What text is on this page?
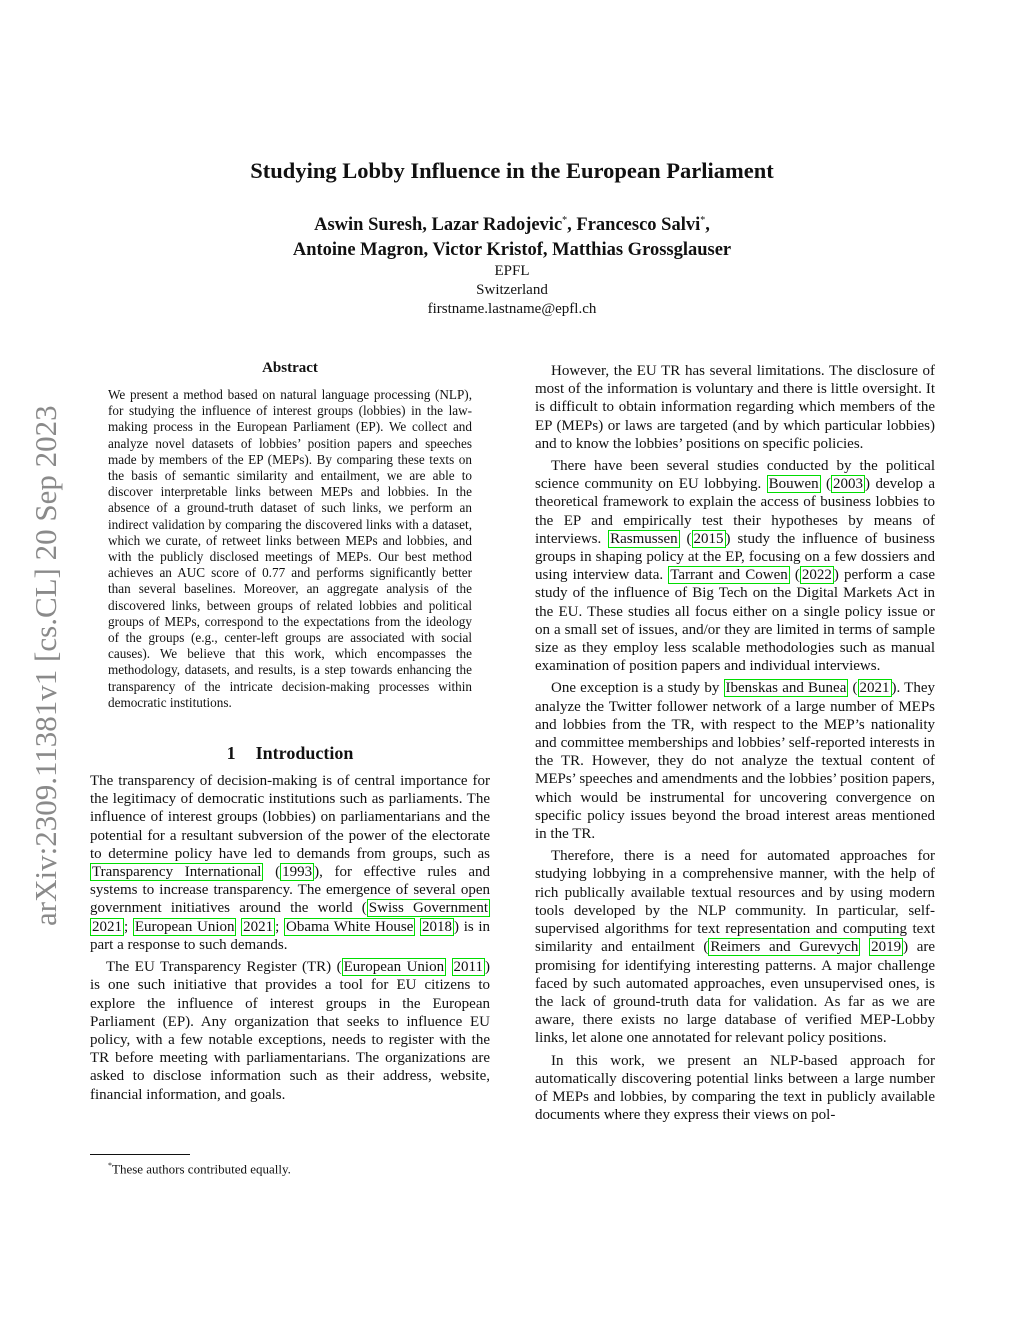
arXiv:2309.11381v1 [cs.CL] 20 Sep 2023
Studying Lobby Influence in the European Parliament
Aswin Suresh, Lazar Radojevic*, Francesco Salvi*,
Antoine Magron, Victor Kristof, Matthias Grossglauser
EPFL
Switzerland
firstname.lastname@epfl.ch
Abstract
We present a method based on natural language processing (NLP), for studying the influence of interest groups (lobbies) in the law-making process in the European Parliament (EP). We collect and analyze novel datasets of lobbies’ position papers and speeches made by members of the EP (MEPs). By comparing these texts on the basis of semantic similarity and entailment, we are able to discover interpretable links between MEPs and lobbies. In the absence of a ground-truth dataset of such links, we perform an indirect validation by comparing the discovered links with a dataset, which we curate, of retweet links between MEPs and lobbies, and with the publicly disclosed meetings of MEPs. Our best method achieves an AUC score of 0.77 and performs significantly better than several baselines. Moreover, an aggregate analysis of the discovered links, between groups of related lobbies and political groups of MEPs, correspond to the expectations from the ideology of the groups (e.g., center-left groups are associated with social causes). We believe that this work, which encompasses the methodology, datasets, and results, is a step towards enhancing the transparency of the intricate decision-making processes within democratic institutions.
1 Introduction

The transparency of decision-making is of central importance for the legitimacy of democratic institutions such as parliaments. The influence of interest groups (lobbies) on parliamentarians and the potential for a resultant subversion of the power of the electorate to determine policy have led to demands from groups, such as Transparency International ( 1993 ), for effective rules and systems to increase transparency. The emergence of several open government initiatives around the world ( Swiss Government 2021 ; European Union 2021 ; Obama White House 2018 ) is in part a response to such demands.

The EU Transparency Register (TR) ( European Union 2011 ) is one such initiative that provides a tool for EU citizens to explore the influence of interest groups in the European Parliament (EP). Any organization that seeks to influence EU policy, with a few notable exceptions, needs to register with the TR before meeting with parliamentarians. The organizations are asked to disclose information such as their address, website, financial information, and goals.

However, the EU TR has several limitations. The disclosure of most of the information is voluntary and there is little oversight. It is difficult to obtain information regarding which members of the EP (MEPs) or laws are targeted (and by which particular lobbies) and to know the lobbies’ positions on specific policies.

There have been several studies conducted by the political science community on EU lobbying. Bouwen ( 2003 ) develop a theoretical framework to explain the access of business lobbies to the EP and empirically test their hypotheses by means of interviews. Rasmussen ( 2015 ) study the influence of business groups in shaping policy at the EP, focusing on a few dossiers and using interview data. Tarrant and Cowen ( 2022 ) perform a case study of the influence of Big Tech on the Digital Markets Act in the EU. These studies all focus either on a single policy issue or on a small set of issues, and/or they are limited in terms of sample size as they employ less scalable methodologies such as manual examination of position papers and individual interviews.

One exception is a study by Ibenskas and Bunea ( 2021 ). They analyze the Twitter follower network of a large number of MEPs and lobbies from the TR, with respect to the MEP’s nationality and committee memberships and lobbies’ self-reported interests in the TR. However, they do not analyze the textual content of MEPs’ speeches and amendments and the lobbies’ position papers, which would be instrumental for uncovering convergence on specific policy issues beyond the broad interest areas mentioned in the TR.

Therefore, there is a need for automated approaches for studying lobbying in a comprehensive manner, with the help of rich publically available textual resources and by using modern tools developed by the NLP community. In particular, self-supervised algorithms for text representation and computing text similarity and entailment ( Reimers and Gurevych 2019 ) are promising for identifying interesting patterns. A major challenge faced by such automated approaches, even unsupervised ones, is the lack of ground-truth data for validation. As far as we are aware, there exists no large database of verified MEP-Lobby links, let alone one annotated for relevant policy positions.

In this work, we present an NLP-based approach for automatically discovering potential links between a large number of MEPs and lobbies, by comparing the text in publicly available documents where they express their views on pol-

*These authors contributed equally.
